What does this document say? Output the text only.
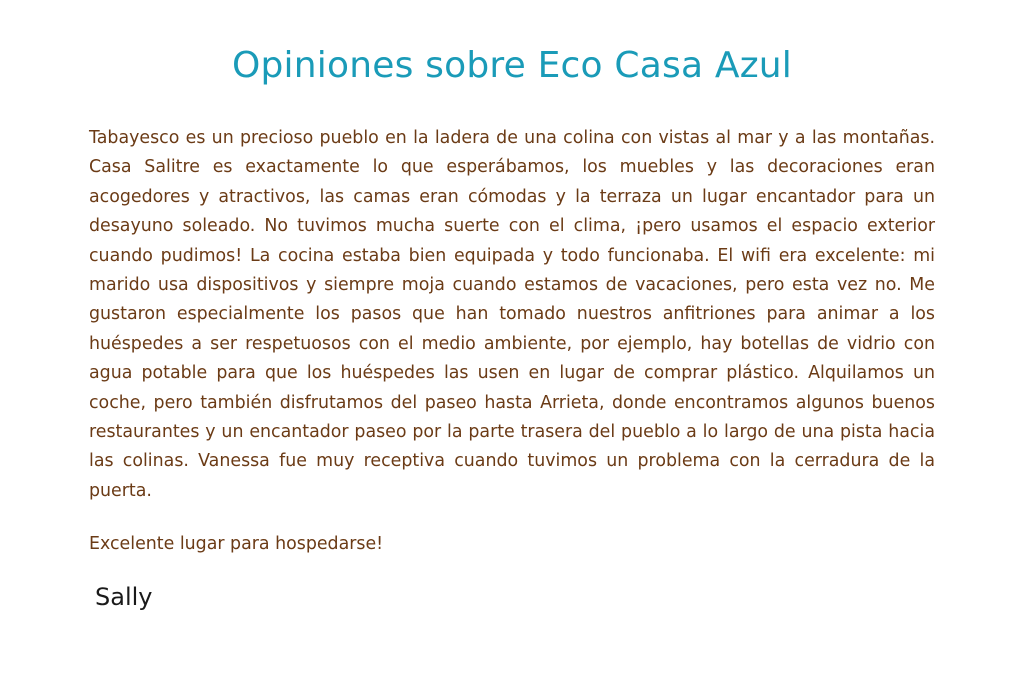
Opiniones sobre Eco Casa Azul

Tabayesco es un precioso pueblo en la ladera de una colina con vistas al mar y a las montañas. Casa Salitre es exactamente lo que esperábamos, los muebles y las decoraciones eran acogedores y atractivos, las camas eran cómodas y la terraza un lugar encantador para un desayuno soleado. No tuvimos mucha suerte con el clima, ¡pero usamos el espacio exterior cuando pudimos! La cocina estaba bien equipada y todo funcionaba. El wifi era excelente: mi marido usa dispositivos y siempre moja cuando estamos de vacaciones, pero esta vez no. Me gustaron especialmente los pasos que han tomado nuestros anfitriones para animar a los huéspedes a ser respetuosos con el medio ambiente, por ejemplo, hay botellas de vidrio con agua potable para que los huéspedes las usen en lugar de comprar plástico. Alquilamos un coche, pero también disfrutamos del paseo hasta Arrieta, donde encontramos algunos buenos restaurantes y un encantador paseo por la parte trasera del pueblo a lo largo de una pista hacia las colinas. Vanessa fue muy receptiva cuando tuvimos un problema con la cerradura de la puerta.

Excelente lugar para hospedarse!

Sally
